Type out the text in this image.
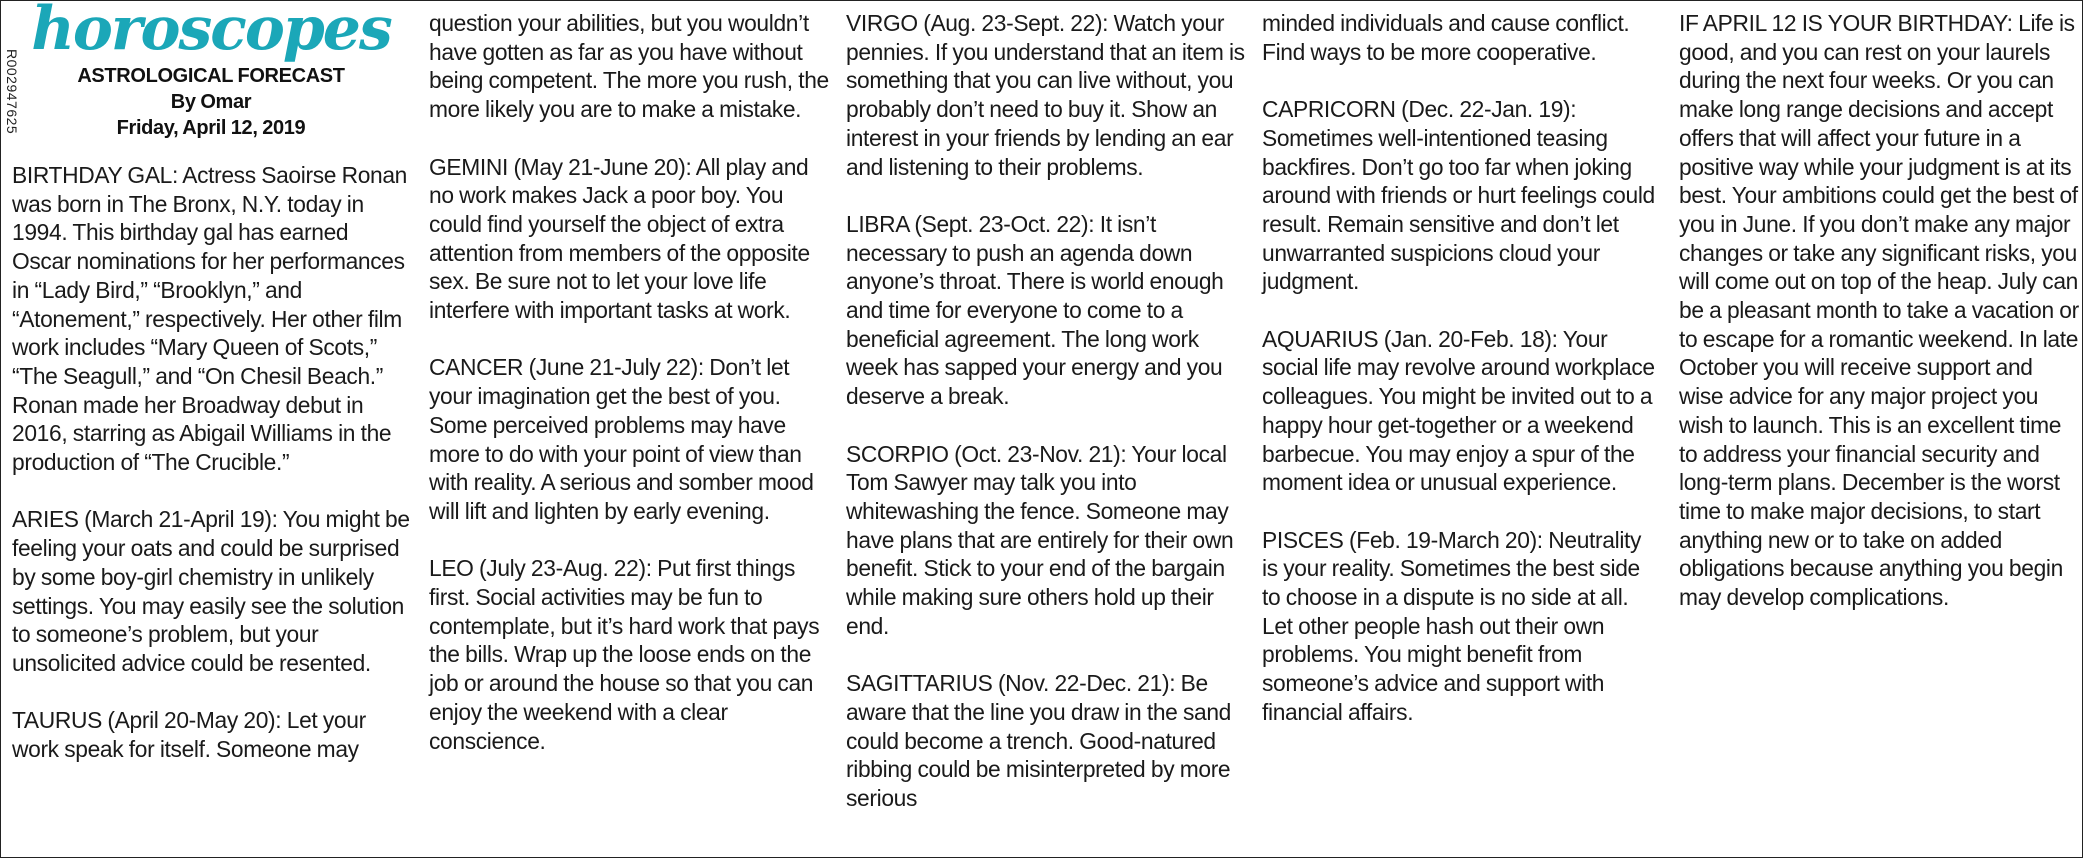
R002947625
horoscopes
ASTROLOGICAL FORECAST
By Omar
Friday, April 12, 2019

BIRTHDAY GAL: Actress Saoirse Ronan was born in The Bronx, N.Y. today in 1994. This birthday gal has earned Oscar nominations for her performances in “Lady Bird,” “Brooklyn,” and “Atonement,” respectively. Her other film work includes “Mary Queen of Scots,” “The Seagull,” and “On Chesil Beach.” Ronan made her Broadway debut in 2016, starring as Abigail Williams in the production of “The Crucible.”

ARIES (March 21-April 19): You might be feeling your oats and could be surprised by some boy-girl chemistry in unlikely settings. You may easily see the solution to someone’s problem, but your unsolicited advice could be resented.

TAURUS (April 20-May 20): Let your work speak for itself. Someone may

question your abilities, but you wouldn’t have gotten as far as you have without being competent. The more you rush, the more likely you are to make a mistake.

GEMINI (May 21-June 20): All play and no work makes Jack a poor boy. You could find yourself the object of extra attention from members of the opposite sex. Be sure not to let your love life interfere with important tasks at work.

CANCER (June 21-July 22): Don’t let your imagination get the best of you. Some perceived problems may have more to do with your point of view than with reality. A serious and somber mood will lift and lighten by early evening.

LEO (July 23-Aug. 22): Put first things first. Social activities may be fun to contemplate, but it’s hard work that pays the bills. Wrap up the loose ends on the job or around the house so that you can enjoy the weekend with a clear conscience.

VIRGO (Aug. 23-Sept. 22): Watch your pennies. If you understand that an item is something that you can live without, you probably don’t need to buy it. Show an interest in your friends by lending an ear and listening to their problems.

LIBRA (Sept. 23-Oct. 22): It isn’t necessary to push an agenda down anyone’s throat. There is world enough and time for everyone to come to a beneficial agreement. The long work week has sapped your energy and you deserve a break.

SCORPIO (Oct. 23-Nov. 21): Your local Tom Sawyer may talk you into whitewashing the fence. Someone may have plans that are entirely for their own benefit. Stick to your end of the bargain while making sure others hold up their end.

SAGITTARIUS (Nov. 22-Dec. 21): Be aware that the line you draw in the sand could become a trench. Good-natured ribbing could be misinterpreted by more serious

minded individuals and cause conflict. Find ways to be more cooperative.

CAPRICORN (Dec. 22-Jan. 19): Sometimes well-intentioned teasing backfires. Don’t go too far when joking around with friends or hurt feelings could result. Remain sensitive and don’t let unwarranted suspicions cloud your judgment.

AQUARIUS (Jan. 20-Feb. 18): Your social life may revolve around workplace colleagues. You might be invited out to a happy hour get-together or a weekend barbecue. You may enjoy a spur of the moment idea or unusual experience.

PISCES (Feb. 19-March 20): Neutrality is your reality. Sometimes the best side to choose in a dispute is no side at all. Let other people hash out their own problems. You might benefit from someone’s advice and support with financial affairs.

IF APRIL 12 IS YOUR BIRTHDAY: Life is good, and you can rest on your laurels during the next four weeks. Or you can make long range decisions and accept offers that will affect your future in a positive way while your judgment is at its best. Your ambitions could get the best of you in June. If you don’t make any major changes or take any significant risks, you will come out on top of the heap. July can be a pleasant month to take a vacation or to escape for a romantic weekend. In late October you will receive support and wise advice for any major project you wish to launch. This is an excellent time to address your financial security and long-term plans. December is the worst time to make major decisions, to start anything new or to take on added obligations because anything you begin may develop complications.
